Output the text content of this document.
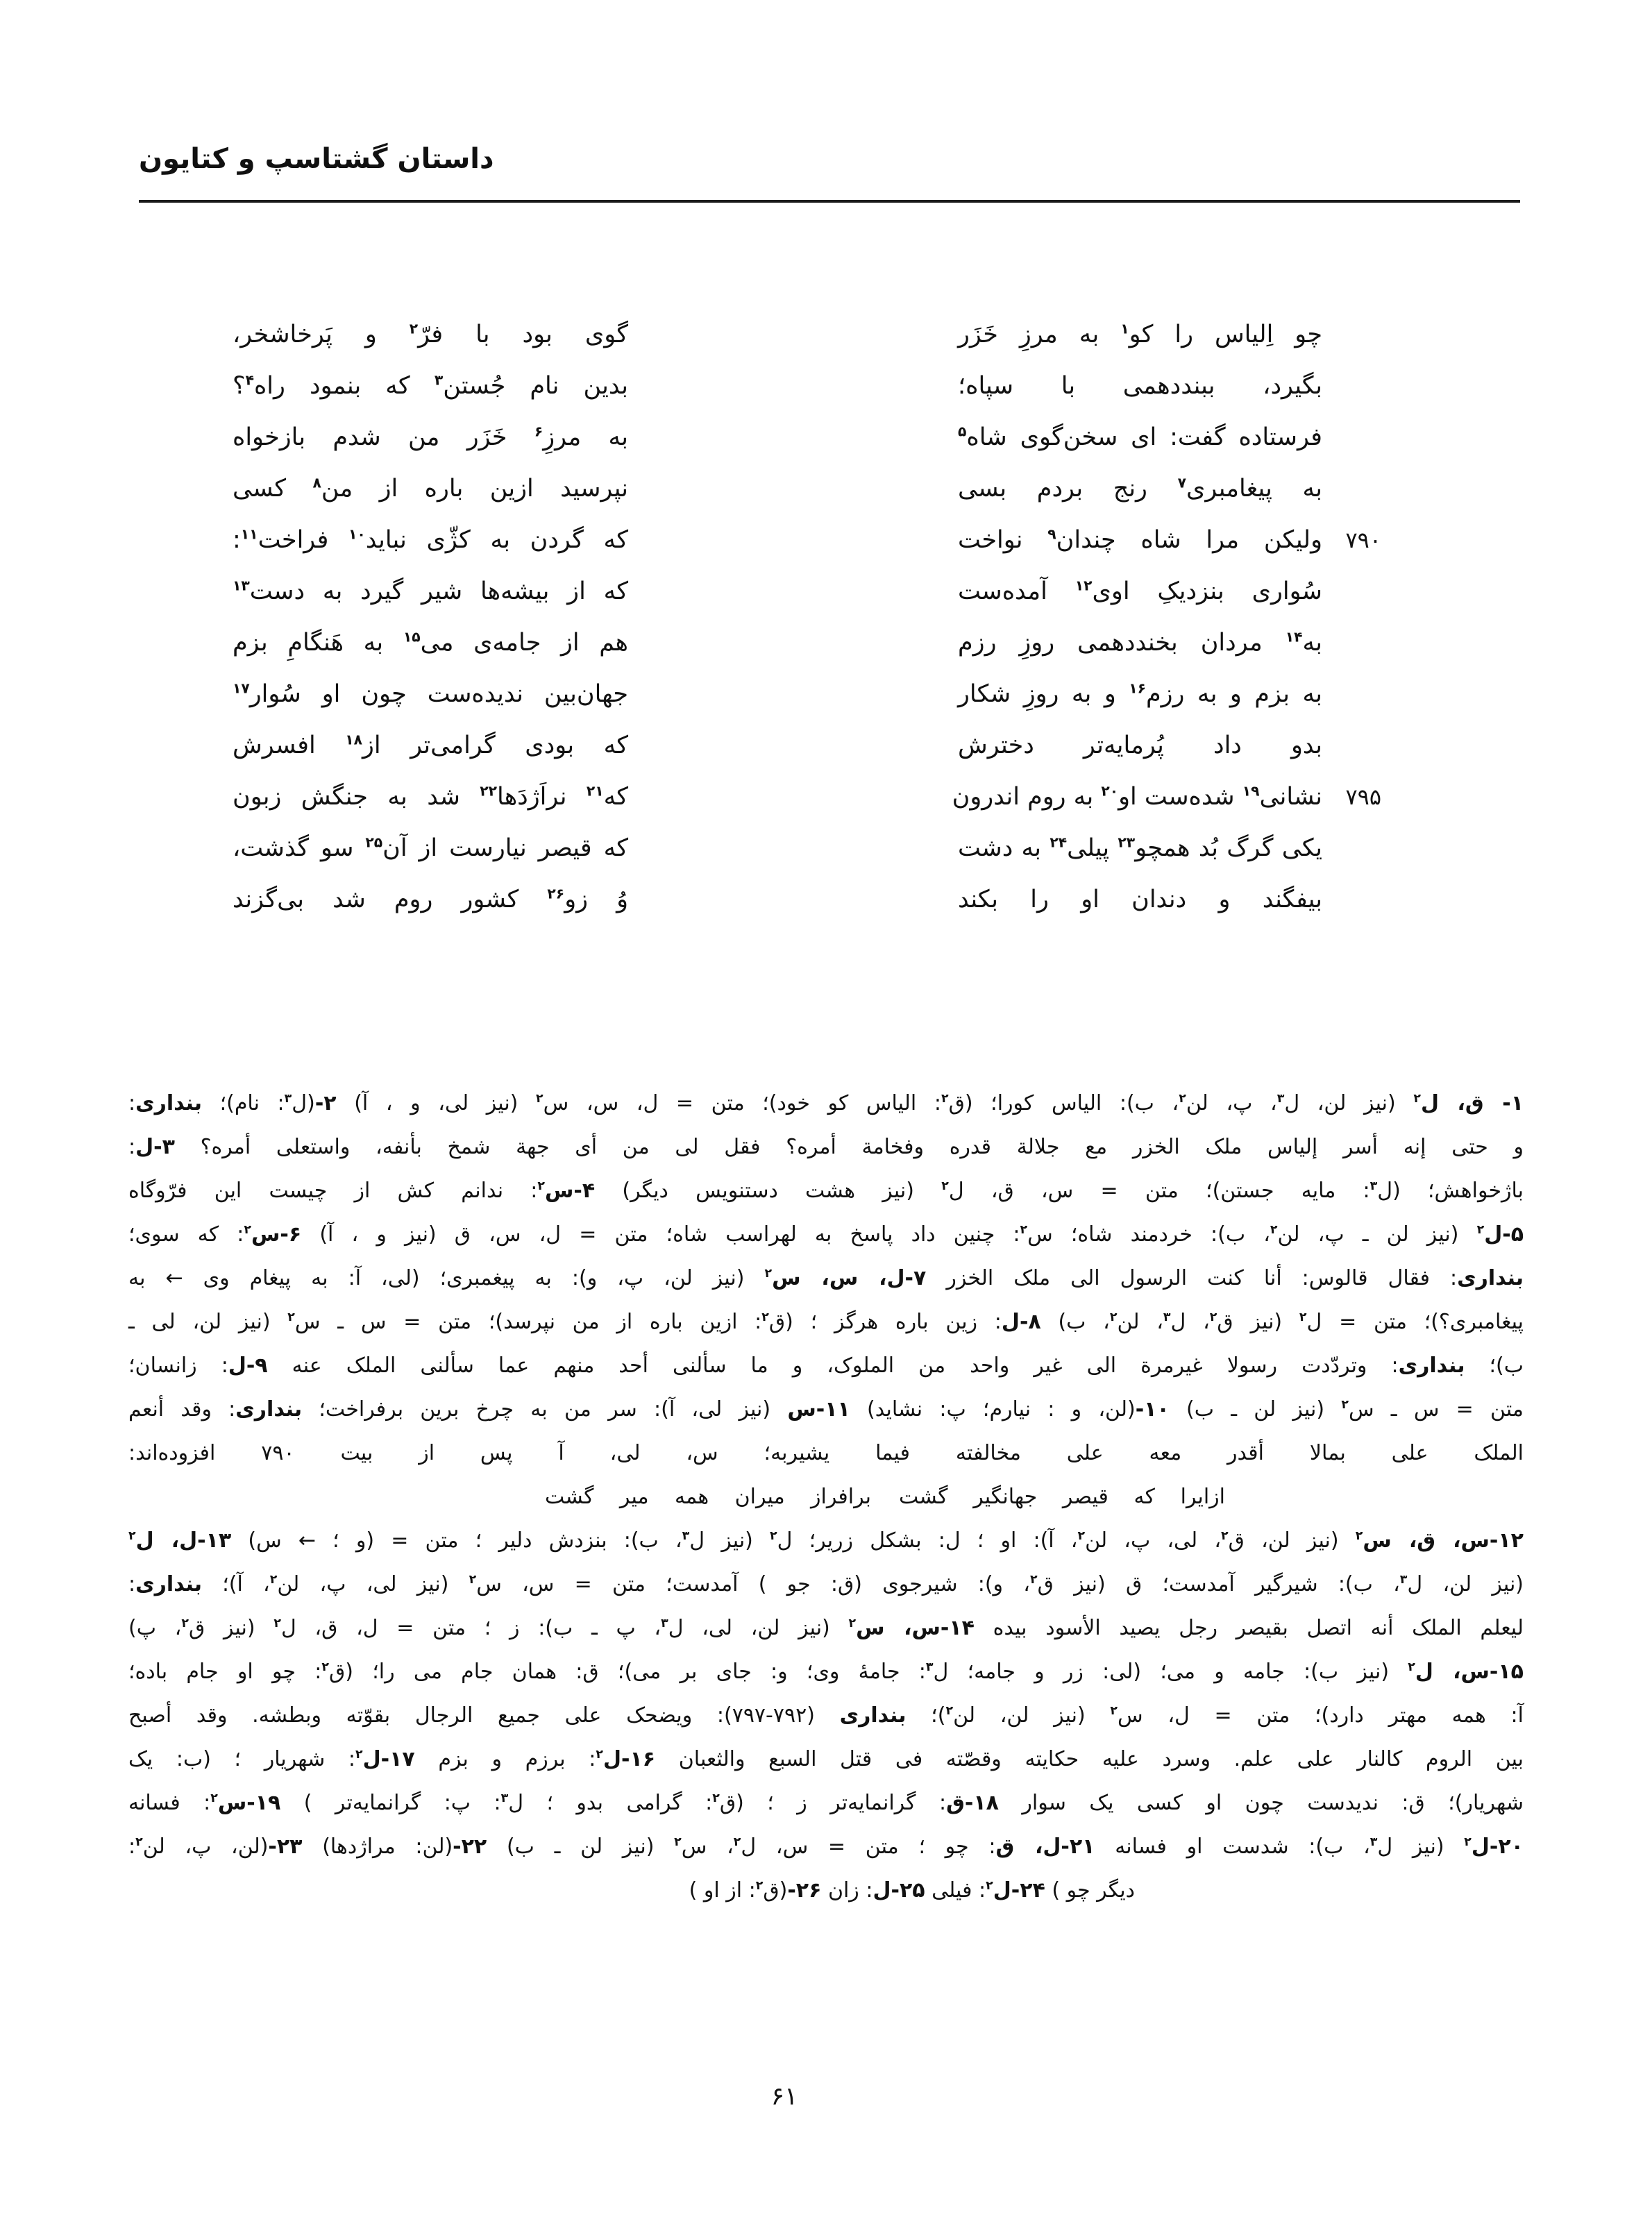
داستان گشتاسپ و کتایون
چو اِلیاس را کو$^۱$ به مرزِ خَزَر
گوی بود با فرّ$^۲$ و پَرخاشخر،
بگیرد، ببنددهمی با سپاه؛
بدین نام جُستن$^۳$ که بنمود راه$^۴$؟
فرستاده گفت: ای سخن‌گوی شاه$^۵$
به مرزِ$^۶$ خَزَر من شدم بازخواه
به پیغامبری$^۷$ رنج بردم بسی
نپرسید ازین باره از من$^۸$ کسی
۷۹۰
ولیکن مرا شاه چندان$^۹$ نواخت
که گردن به کژّی نباید$^{۱۰}$ فراخت$^{۱۱}$:
سُواری بنزدیکِ اوی$^{۱۲}$ آمده‌ست
که از بیشه‌ها شیر گیرد به دست$^{۱۳}$
به$^{۱۴}$ مردان بخنددهمی روزِ رزم
هم از جامه‌ی می$^{۱۵}$ به هَنگامِ بزم
به بزم و به رزم$^{۱۶}$ و به روزِ شکار
جهان‌بین ندیده‌ست چون او سُوار$^{۱۷}$
بدو داد پُرمایه‌تر دخترش
که بودی گرامی‌تر از$^{۱۸}$ افسرش
۷۹۵
نشانی$^{۱۹}$ شده‌ست او$^{۲۰}$ به روم اندرون
که$^{۲۱}$ نراَژدَها$^{۲۲}$ شد به جنگش زبون
یکی گرگ بُد همچو$^{۲۳}$ پیلی$^{۲۴}$ به دشت
که قیصر نیارست از آن$^{۲۵}$ سو گذشت،
بیفگند و دندان او را بکند
وُ زو$^{۲۶}$ کشور روم شد بی‌گزند
۱- ق، ل$^۲$ (نیز لن، ل$^۳$، پ، لن$^۲$، ب): الیاس کورا؛ (ق$^۲$: الیاس کو خود)؛ متن = ل، س، س$^۲$ (نیز لی، و ، آ) ۲-(ل$^۳$: نام)؛ بنداری:
و حتی إنه أسر إلیاس ملک الخزر مع جلالة قدره وفخامة أمره؟ فقل لی من أی جهة شمخ بأنفه، واستعلی أمره؟ ۳-ل:
باژخواهش؛ (ل$^۳$: مایه جستن)؛ متن = س، ق، ل$^۲$ (نیز هشت دستنویس دیگر) ۴-س$^۲$: ندانم کش از چیست این فرّوگاه
۵-ل$^۲$ (نیز لن ـ پ، لن$^۲$، ب): خردمند شاه؛ س$^۲$: چنین داد پاسخ به لهراسب شاه؛ متن = ل، س، ق (نیز و ، آ) ۶-س$^۲$: که سوی؛
بنداری: فقال قالوس: أنا کنت الرسول الی ملک الخزر ۷-ل، س، س$^۲$ (نیز لن، پ، و): به پیغمبری؛ (لی، آ: به پیغام وی ← به
پیغامبری؟)؛ متن = ل$^۲$ (نیز ق$^۲$، ل$^۳$، لن$^۲$، ب) ۸-ل: زین باره هرگز ؛ (ق$^۲$: ازین باره از من نپرسد)؛ متن = س ـ س$^۲$ (نیز لن، لی ـ
ب)؛ بنداری: وتردّدت رسولا غیرمرة الی غیر واحد من الملوک، و ما سألنی أحد منهم عما سألنی الملک عنه ۹-ل: زانسان؛
متن = س ـ س$^۲$ (نیز لن ـ ب) ۱۰-(لن، و : نیارم؛ پ: نشاید) ۱۱-س (نیز لی، آ): سر من به چرخ برین برفراخت؛ بنداری: وقد أنعم
الملک علی بمالا أقدر معه علی مخالفته فیما یشیربه؛ س، لی، آ پس از بیت ۷۹۰ افزوده‌اند:
ازایرا که قیصر جهانگیر گشت
برافراز میران همه میر گشت
۱۲-س، ق، س$^۲$ (نیز لن، ق$^۲$، لی، پ، لن$^۲$، آ): او ؛ ل: بشکل زریر؛ ل$^۲$ (نیز ل$^۳$، ب): بنزدش دلیر ؛ متن = (و ؛ ← س) ۱۳-ل، ل$^۲$
(نیز لن، ل$^۳$، ب): شیرگیر آمدست؛ ق (نیز ق$^۲$، و): شیرجوی (ق: جو ) آمدست؛ متن = س، س$^۲$ (نیز لی، پ، لن$^۲$، آ)؛ بنداری:
لیعلم الملک أنه اتصل بقیصر رجل یصید الأسود بیده ۱۴-س، س$^۲$ (نیز لن، لی، ل$^۳$، پ ـ ب): ز ؛ متن = ل، ق، ل$^۲$ (نیز ق$^۲$، پ)
۱۵-س، ل$^۲$ (نیز ب): جامه و می؛ (لی: زر و جامه؛ ل$^۳$: جامهٔ وی؛ و: جای بر می)؛ ق: همان جام می را؛ (ق$^۲$: چو او جام باده؛
آ: همه مهتر دارد)؛ متن = ل، س$^۲$ (نیز لن، لن$^۲$)؛ بنداری (۷۹۲-۷۹۷): ویضحک علی جمیع الرجال بقوّته وبطشه. وقد أصبح
بین الروم کالنار علی علم. وسرد علیه حکایته وقصّته فی قتل السبع والثعبان ۱۶-ل$^۲$: برزم و بزم ۱۷-ل$^۲$: شهریار ؛ (ب: یک
شهریار)؛ ق: ندیدست چون او کسی یک سوار ۱۸-ق: گرانمایه‌تر ز ؛ (ق$^۲$: گرامی بدو ؛ ل$^۳$: پ: گرانمایه‌تر ) ۱۹-س$^۲$: فسانه
۲۰-ل$^۲$ (نیز ل$^۳$، ب): شدست او فسانه ۲۱-ل، ق: چو ؛ متن = س، ل$^۲$، س$^۲$ (نیز لن ـ ب) ۲۲-(لن: مراژدها) ۲۳-(لن، پ، لن$^۲$:
دیگر چو ) ۲۴-ل$^۲$: فیلی ۲۵-ل: زان ۲۶-(ق$^۲$: از او )
۶۱
